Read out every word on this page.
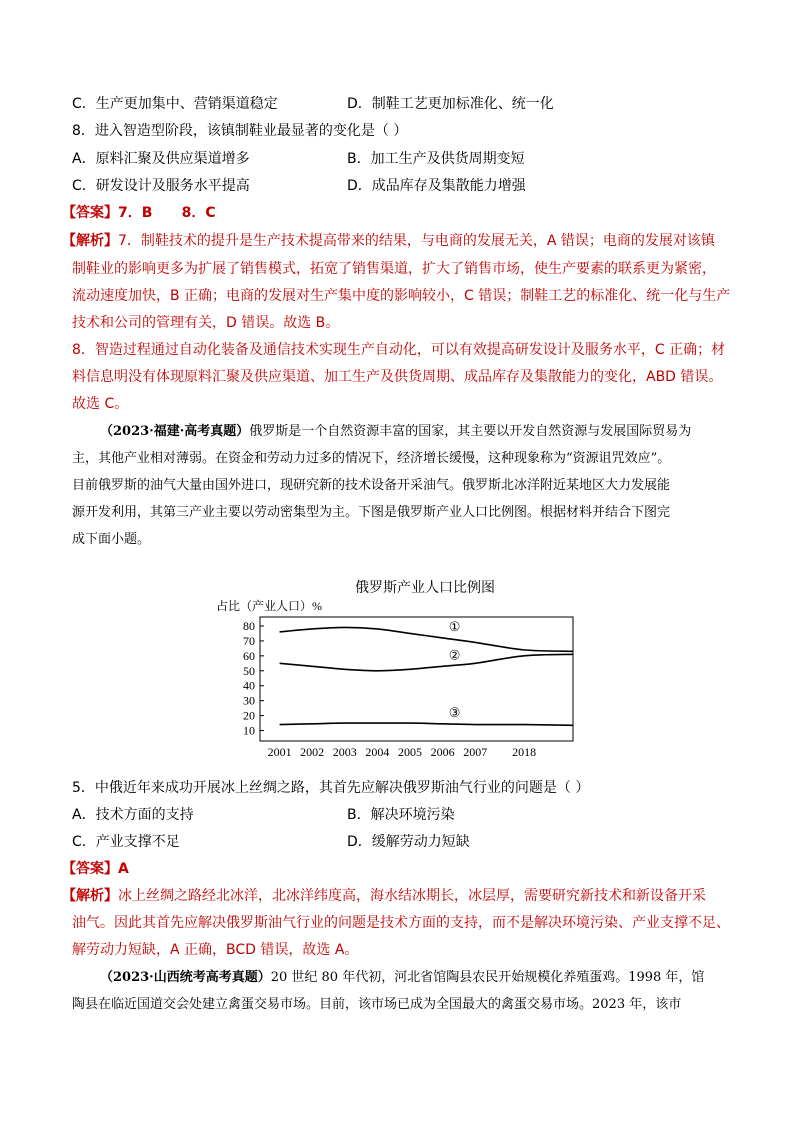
C．生产更加集中、营销渠道稳定	D．制鞋工艺更加标准化、统一化
8．进入智造型阶段，该镇制鞋业最显著的变化是（ ）
A．原料汇聚及供应渠道增多	B．加工生产及供货周期变短
C．研发设计及服务水平提高	D．成品库存及集散能力增强
【答案】7．B      8．C
【解析】7．制鞋技术的提升是生产技术提高带来的结果，与电商的发展无关，A 错误；电商的发展对该镇
制鞋业的影响更多为扩展了销售模式，拓宽了销售渠道，扩大了销售市场，使生产要素的联系更为紧密，
流动速度加快，B 正确；电商的发展对生产集中度的影响较小，C 错误；制鞋工艺的标准化、统一化与生产
技术和公司的管理有关，D 错误。故选 B。
8．智造过程通过自动化装备及通信技术实现生产自动化，可以有效提高研发设计及服务水平，C 正确；材
料信息明没有体现原料汇聚及供应渠道、加工生产及供货周期、成品库存及集散能力的变化，ABD 错误。
故选 C。
（2023·福建·高考真题）俄罗斯是一个自然资源丰富的国家，其主要以开发自然资源与发展国际贸易为
主，其他产业相对薄弱。在资金和劳动力过多的情况下，经济增长缓慢，这种现象称为“资源诅咒效应”。
目前俄罗斯的油气大量由国外进口，现研究新的技术设备开采油气。俄罗斯北冰洋附近某地区大力发展能
源开发利用，其第三产业主要以劳动密集型为主。下图是俄罗斯产业人口比例图。根据材料并结合下图完
成下面小题。
俄罗斯产业人口比例图
占比（产业人口）%
10
20
30
40
50
60
70
80
2001 2002 2003 2004 2005 2006 2007 2018
①
②
③
5．中俄近年来成功开展冰上丝绸之路，其首先应解决俄罗斯油气行业的问题是（ ）
A．技术方面的支持	B．解决环境污染
C．产业支撑不足	D．缓解劳动力短缺
【答案】A
【解析】冰上丝绸之路经北冰洋，北冰洋纬度高，海水结冰期长，冰层厚，需要研究新技术和新设备开采
油气。因此其首先应解决俄罗斯油气行业的问题是技术方面的支持，而不是解决环境污染、产业支撑不足、
解劳动力短缺，A 正确，BCD 错误，故选 A。
（2023·山西统考高考真题）20 世纪 80 年代初，河北省馆陶县农民开始规模化养殖蛋鸡。1998 年，馆
陶县在临近国道交会处建立禽蛋交易市场。目前，该市场已成为全国最大的禽蛋交易市场。2023 年，该市
